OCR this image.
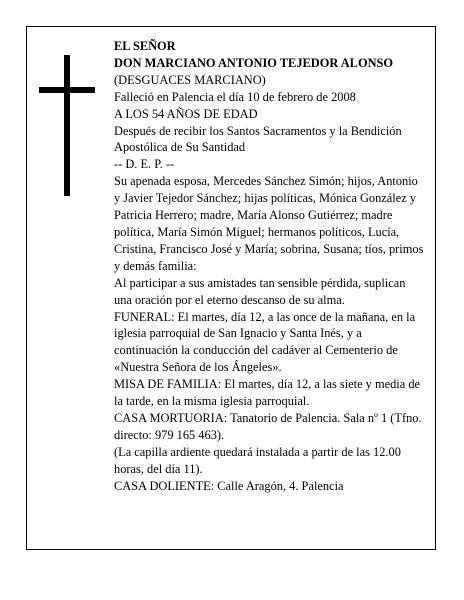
EL SEÑOR

DON MARCIANO ANTONIO TEJEDOR ALONSO

(DESGUACES MARCIANO)

Falleció en Palencia el día 10 de febrero de 2008

A LOS 54 AÑOS DE EDAD

Después de recibir los Santos Sacramentos y la Bendición Apostólica de Su Santidad

-- D. E. P. --

Su apenada esposa, Mercedes Sánchez Simón; hijos, Antonio y Javier Tejedor Sánchez; hijas políticas, Mónica González y Patricia Herrero; madre, María Alonso Gutiérrez; madre política, María Simón Miguel; hermanos políticos, Lucía, Cristina, Francisco José y María; sobrina, Susana; tíos, primos y demás familia:

Al participar a sus amistades tan sensible pérdida, suplican una oración por el eterno descanso de su alma.

FUNERAL: El martes, día 12, a las once de la mañana, en la iglesia parroquial de San Ignacio y Santa Inés, y a continuación la conducción del cadáver al Cementerio de «Nuestra Señora de los Ángeles».

MISA DE FAMILIA: El martes, día 12, a las siete y media de la tarde, en la misma iglesia parroquial.

CASA MORTUORIA: Tanatorio de Palencia. Sala nº 1 (Tfno. directo: 979 165 463).

(La capilla ardiente quedará instalada a partir de las 12.00 horas, del día 11).

CASA DOLIENTE: Calle Aragón, 4. Palencia
